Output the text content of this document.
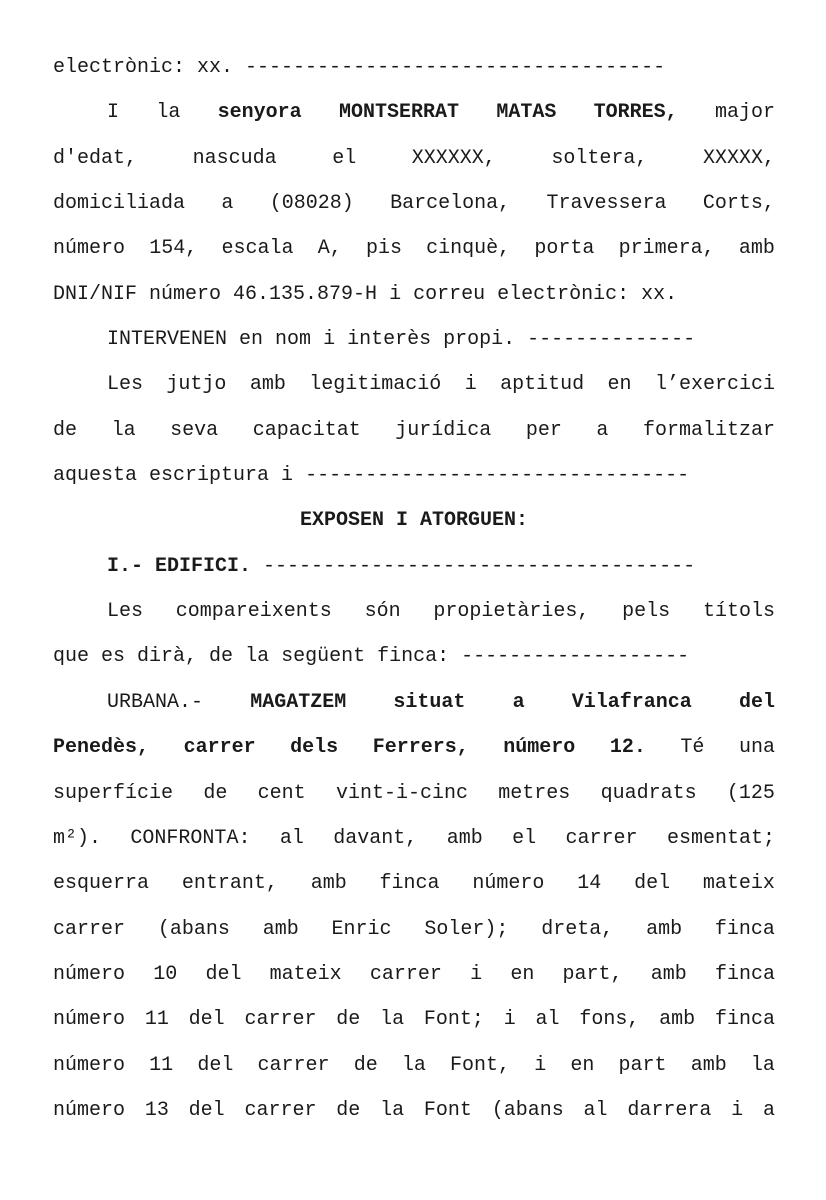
electrònic: xx. -----------------------------------
I la senyora MONTSERRAT MATAS TORRES, major
d'edat,	nascuda	el	XXXXXX,	soltera,	XXXXX,
domiciliada a (08028) Barcelona, Travessera Corts,
número 154, escala A, pis cinquè, porta primera, amb
DNI/NIF número 46.135.879-H i correu electrònic: xx.
INTERVENEN en nom i interès propi. --------------
Les jutjo amb legitimació i aptitud en l’exercici
de la seva capacitat jurídica per a formalitzar
aquesta escriptura i --------------------------------
EXPOSEN I ATORGUEN:
I.- EDIFICI. ------------------------------------
Les compareixents són propietàries, pels títols
que es dirà, de la següent finca: -------------------
URBANA.- MAGATZEM situat a Vilafranca del
Penedès, carrer dels Ferrers, número 12. Té una
superfície de cent vint-i-cinc metres quadrats (125
m²). CONFRONTA: al davant, amb el carrer esmentat;
esquerra entrant, amb finca número 14 del mateix
carrer (abans amb Enric Soler); dreta, amb finca
número 10 del mateix carrer i en part, amb finca
número 11 del carrer de la Font; i al fons, amb finca
número 11 del carrer de la Font, i en part amb la
número 13 del carrer de la Font (abans al darrera i a
